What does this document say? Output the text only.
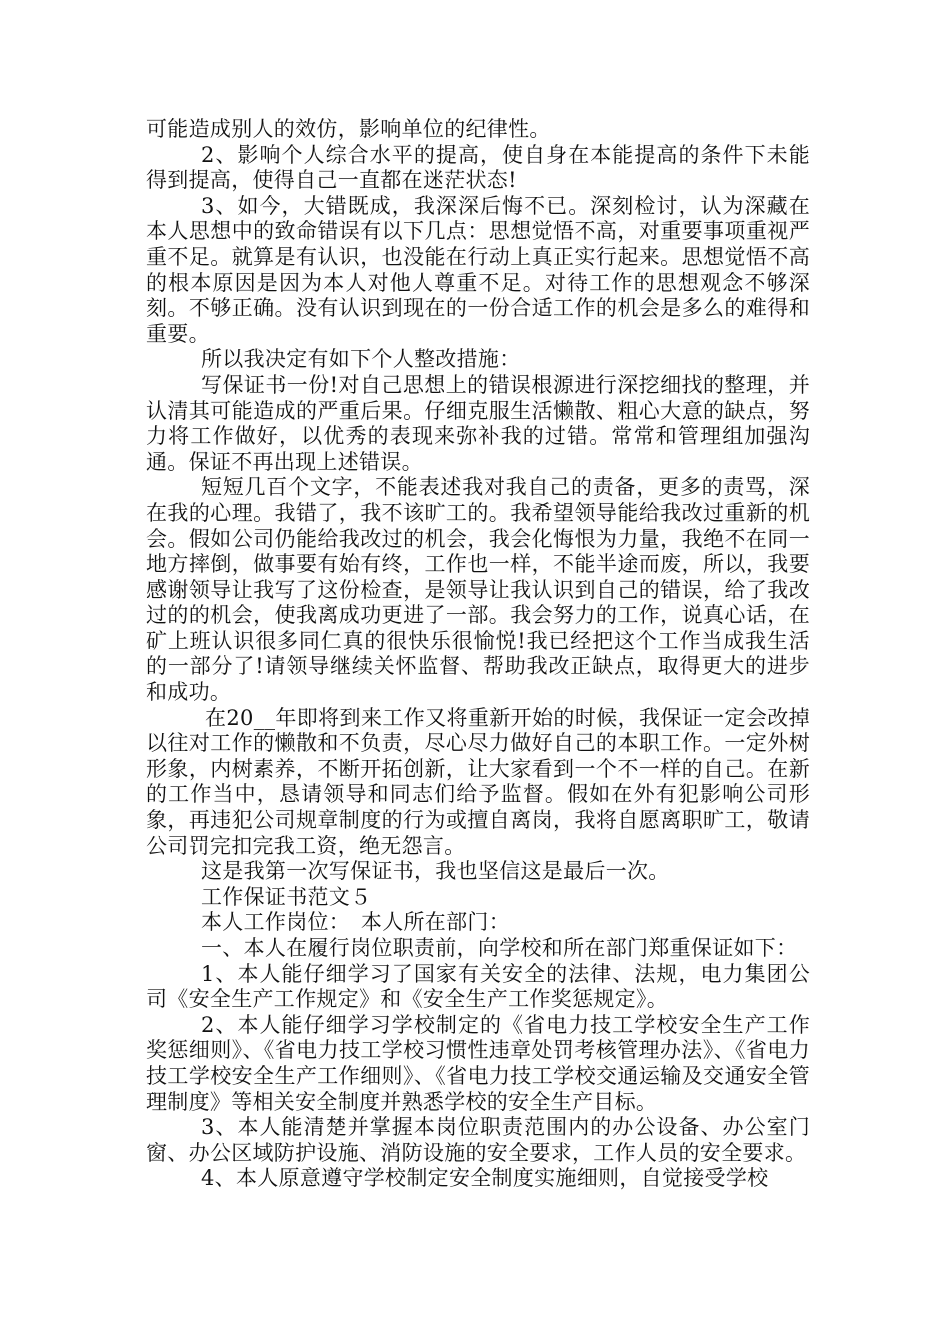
可能造成别人的效仿，影响单位的纪律性。

2、影响个人综合水平的提高，使自身在本能提高的条件下未能得到提高，使得自己一直都在迷茫状态!

3、如今，大错既成，我深深后悔不已。深刻检讨，认为深藏在本人思想中的致命错误有以下几点：思想觉悟不高，对重要事项重视严重不足。就算是有认识，也没能在行动上真正实行起来。思想觉悟不高的根本原因是因为本人对他人尊重不足。对待工作的思想观念不够深刻。不够正确。没有认识到现在的一份合适工作的机会是多么的难得和重要。

所以我决定有如下个人整改措施：

写保证书一份!对自己思想上的错误根源进行深挖细找的整理，并认清其可能造成的严重后果。仔细克服生活懒散、粗心大意的缺点，努力将工作做好，以优秀的表现来弥补我的过错。常常和管理组加强沟通。保证不再出现上述错误。

短短几百个文字，不能表述我对我自己的责备，更多的责骂，深在我的心理。我错了，我不该旷工的。我希望领导能给我改过重新的机会。假如公司仍能给我改过的机会，我会化悔恨为力量，我绝不在同一地方摔倒，做事要有始有终，工作也一样，不能半途而废，所以，我要感谢领导让我写了这份检查，是领导让我认识到自己的错误，给了我改过的的机会，使我离成功更进了一部。我会努力的工作，说真心话，在矿上班认识很多同仁真的很快乐很愉悦!我已经把这个工作当成我生活的一部分了!请领导继续关怀监督、帮助我改正缺点，取得更大的进步和成功。

在20__年即将到来工作又将重新开始的时候，我保证一定会改掉以往对工作的懒散和不负责，尽心尽力做好自己的本职工作。一定外树形象，内树素养，不断开拓创新，让大家看到一个不一样的自己。在新的工作当中，恳请领导和同志们给予监督。假如在外有犯影响公司形象，再违犯公司规章制度的行为或擅自离岗，我将自愿离职旷工，敬请公司罚完扣完我工资，绝无怨言。

这是我第一次写保证书，我也坚信这是最后一次。

工作保证书范文５

本人工作岗位：　本人所在部门：

一、本人在履行岗位职责前，向学校和所在部门郑重保证如下：

1、本人能仔细学习了国家有关安全的法律、法规，电力集团公司《安全生产工作规定》和《安全生产工作奖惩规定》。

2、本人能仔细学习学校制定的《省电力技工学校安全生产工作奖惩细则》、《省电力技工学校习惯性违章处罚考核管理办法》、《省电力技工学校安全生产工作细则》、《省电力技工学校交通运输及交通安全管理制度》等相关安全制度并熟悉学校的安全生产目标。

3、本人能清楚并掌握本岗位职责范围内的办公设备、办公室门窗、办公区域防护设施、消防设施的安全要求，工作人员的安全要求。

4、本人原意遵守学校制定安全制度实施细则，自觉接受学校
